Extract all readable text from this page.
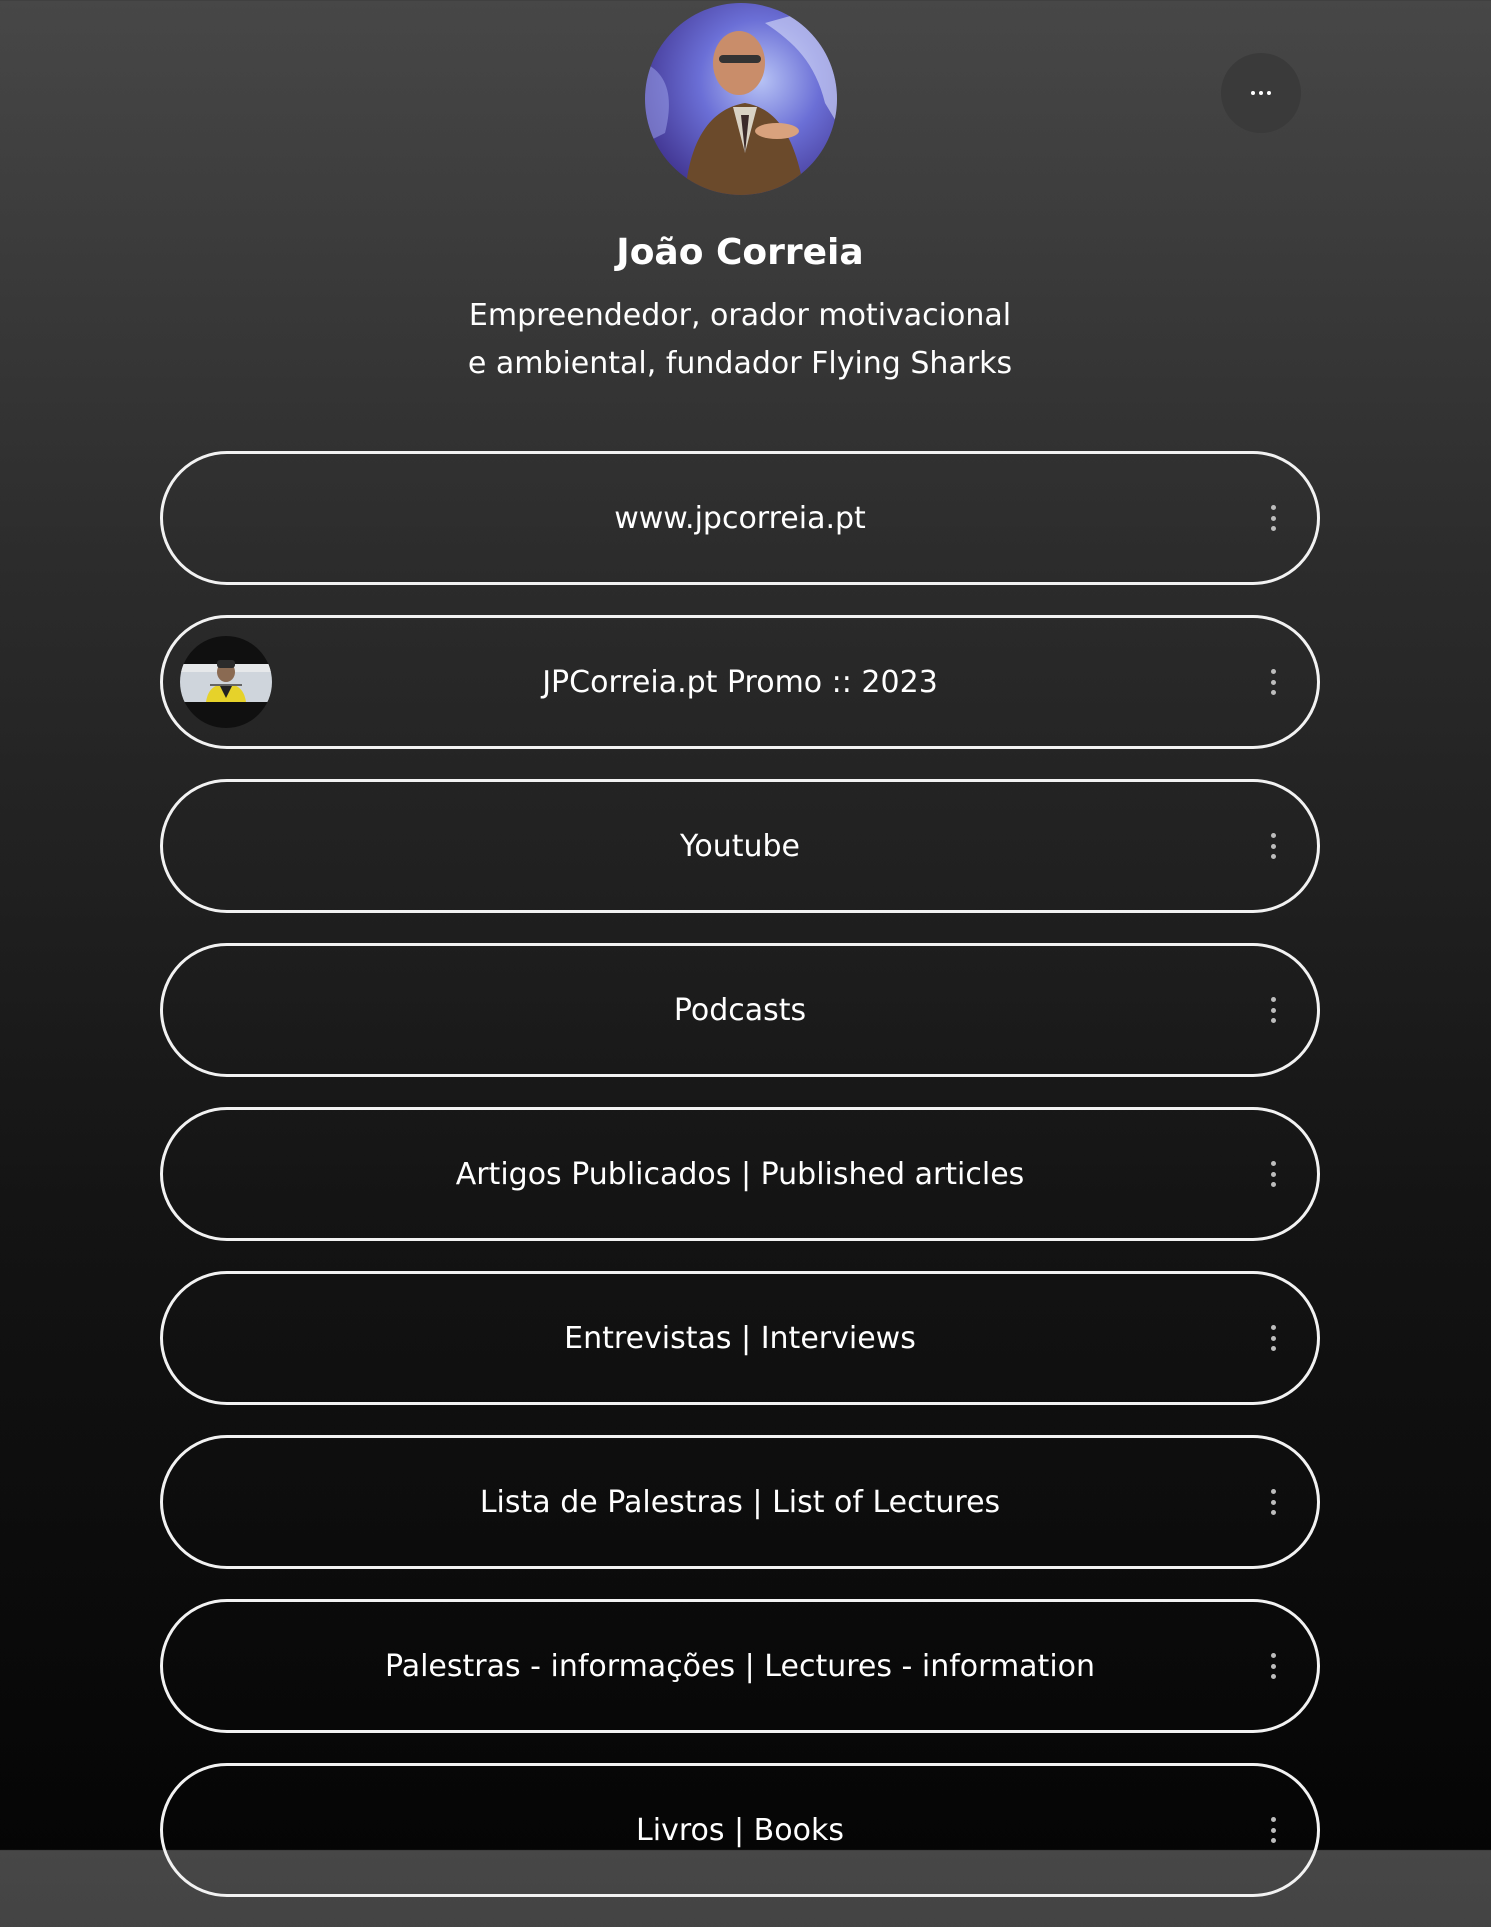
João Correia
Empreendedor, orador motivacional
e ambiental, fundador Flying Sharks
www.jpcorreia.pt
JPCorreia.pt Promo :: 2023
Youtube
Podcasts
Artigos Publicados | Published articles
Entrevistas | Interviews
Lista de Palestras | List of Lectures
Palestras - informações | Lectures - information
Livros | Books
